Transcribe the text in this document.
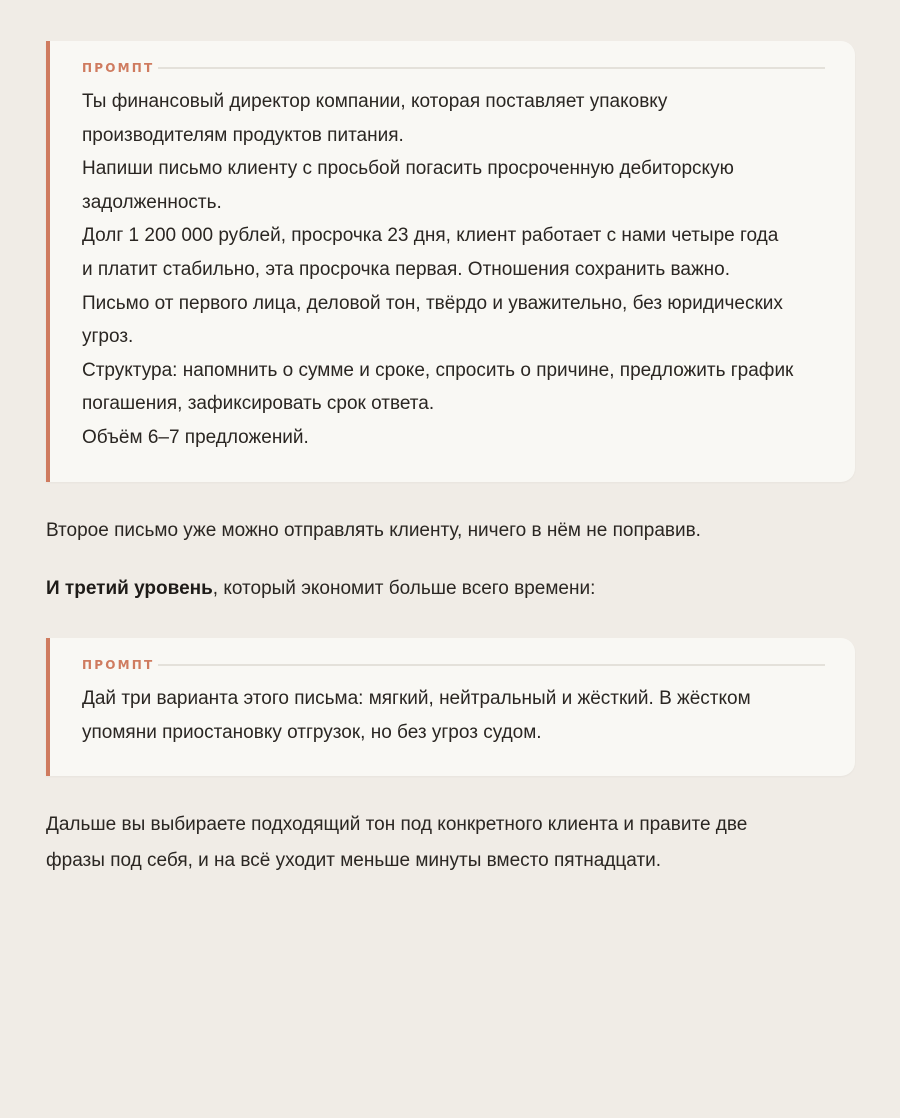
ПРОМПТ
Ты финансовый директор компании, которая поставляет упаковку
производителям продуктов питания.
Напиши письмо клиенту с просьбой погасить просроченную дебиторскую
задолженность.
Долг 1 200 000 рублей, просрочка 23 дня, клиент работает с нами четыре года
и платит стабильно, эта просрочка первая. Отношения сохранить важно.
Письмо от первого лица, деловой тон, твёрдо и уважительно, без юридических
угроз.
Структура: напомнить о сумме и сроке, спросить о причине, предложить график
погашения, зафиксировать срок ответа.
Объём 6–7 предложений.
Второе письмо уже можно отправлять клиенту, ничего в нём не поправив.
И третий уровень, который экономит больше всего времени:
ПРОМПТ
Дай три варианта этого письма: мягкий, нейтральный и жёсткий. В жёстком
упомяни приостановку отгрузок, но без угроз судом.
Дальше вы выбираете подходящий тон под конкретного клиента и правите две
фразы под себя, и на всё уходит меньше минуты вместо пятнадцати.
